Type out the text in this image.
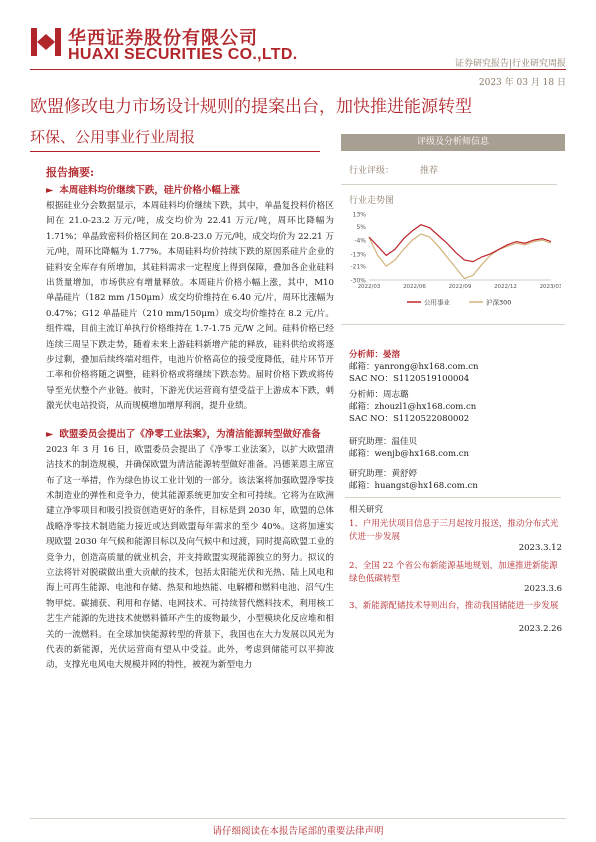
华西证券股份有限公司
HUAXI SECURITIES CO.,LTD.
证券研究报告|行业研究周报
2023 年 03 月 18 日
欧盟修改电力市场设计规则的提案出台，加快推进能源转型
环保、公用事业行业周报
报告摘要:
► 本周硅料均价继续下跌，硅片价格小幅上涨

根据硅业分会数据显示，本周硅料均价继续下跌，其中，单晶复投料价格区间在 21.0-23.2 万元/吨，成交均价为 22.41 万元/吨，周环比降幅为 1.71%；单晶致密料价格区间在 20.8-23.0 万元/吨，成交均价为 22.21 万元/吨，周环比降幅为 1.77%。本周硅料均价持续下跌的原因系硅片企业的硅料安全库存有所增加，其硅料需求一定程度上得到保障，叠加各企业硅料出货量增加，市场供应有增量释放。本周硅片价格小幅上涨，其中，M10 单晶硅片（182 mm /150μm）成交均价维持在 6.40 元/片，周环比涨幅为 0.47%；G12 单晶硅片（210 mm/150μm）成交均价维持在 8.2 元/片。组件端，目前主流订单执行价格维持在 1.7-1.75 元/W 之间。硅料价格已经连续三周呈下跌走势，随着未来上游硅料新增产能的释放，硅料供给或将逐步过剩，叠加后续终端对组件，电池片价格高位的接受度降低，硅片环节开工率和价格将随之调整，硅料价格或将继续下跌态势。届时价格下跌或将传导至光伏整个产业链。彼时，下游光伏运营商有望受益于上游成本下跌，刺激光伏电站投资，从而规模增加增厚利润，提升业绩。

► 欧盟委员会提出了《净零工业法案》，为清洁能源转型做好准备

2023 年 3 月 16 日，欧盟委员会提出了《净零工业法案》，以扩大欧盟清洁技术的制造规模，并确保欧盟为清洁能源转型做好准备。冯德莱恩主席宣布了这一举措，作为绿色协议工业计划的一部分。该法案将加强欧盟净零技术制造业的弹性和竞争力，使其能源系统更加安全和可持续。它将为在欧洲建立净零项目和吸引投资创造更好的条件，目标是到 2030 年，欧盟的总体战略净零技术制造能力接近或达到欧盟每年需求的至少 40%。这将加速实现欧盟 2030 年气候和能源目标以及向气候中和过渡，同时提高欧盟工业的竞争力，创造高质量的就业机会，并支持欧盟实现能源独立的努力。拟议的立法将针对脱碳做出重大贡献的技术，包括太阳能光伏和光热、陆上风电和海上可再生能源、电池和存储、热泵和地热能、电解槽和燃料电池、沼气/生物甲烷、碳捕获、利用和存储、电网技术、可持续替代燃料技术，利用核工艺生产能源的先进技术使燃料循环产生的废物最少，小型模块化反应堆和相关的一流燃料。在全球加快能源转型的背景下，我国也在大力发展以风光为代表的新能源，光伏运营商有望从中受益。此外，考虑到储能可以平抑波动，支撑光电风电大规模并网的特性，被视为新型电力

评级及分析师信息
行业评级：	推荐
行业走势图
13%
5%
-4%
-13%
-21%
-30%
2022/03	2022/06	2022/09	2022/12	2023/03
公用事业	沪深300
分析师：晏溶
邮箱：yanrong@hx168.com.cn
SAC NO：S1120519100004
分析师：周志璐
邮箱：zhouzl1@hx168.com.cn
SAC NO：S1120522080002
研究助理：温佳贝
邮箱：wenjb@hx168.com.cn
研究助理：黄舒婷
邮箱：huangst@hx168.com.cn
相关研究
1、户用光伏项目信息于三月起按月报送，推动分布式光伏进一步发展
2023.3.12
2、全国 22 个省公布新能源基地规划，加速推进新能源绿色低碳转型
2023.3.6
3、新能源配储技术导则出台，推动我国储能进一步发展
2023.2.26
请仔细阅读在本报告尾部的重要法律声明
